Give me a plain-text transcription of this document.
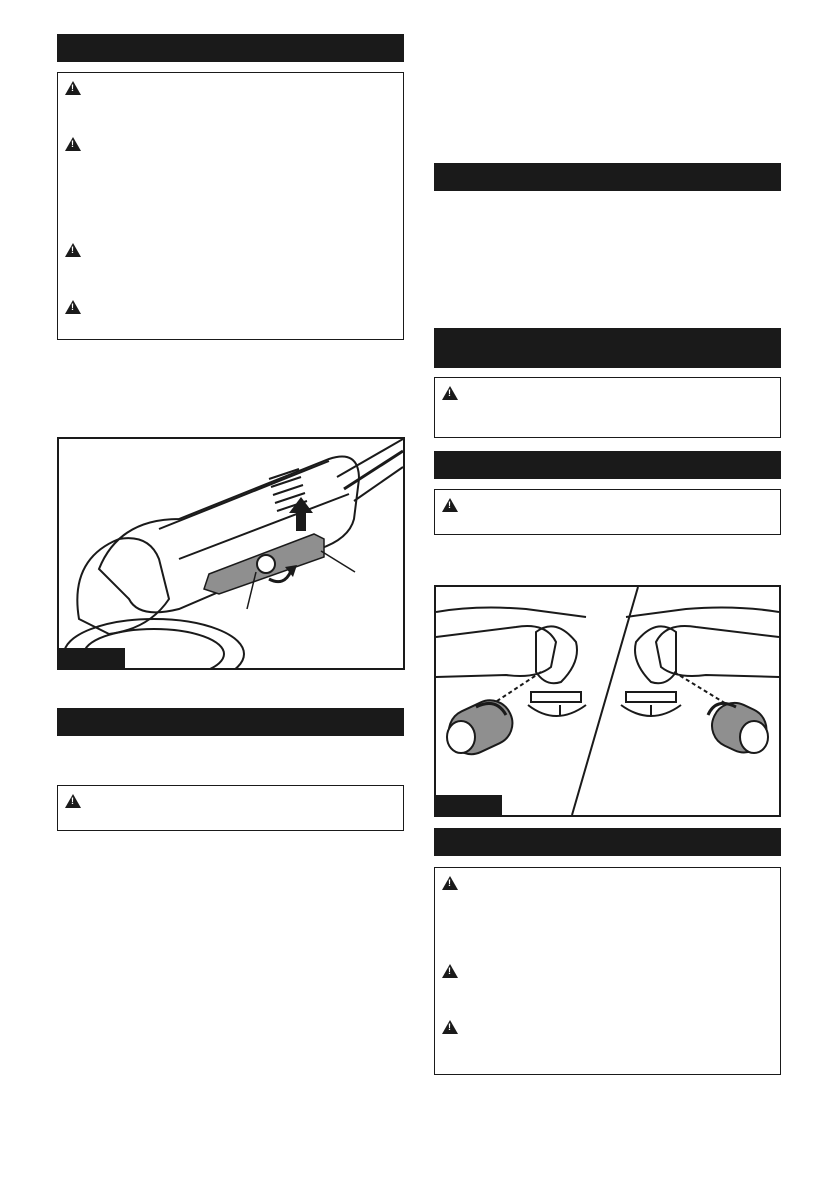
!
!
!
!
!
!
!
!
!
!
